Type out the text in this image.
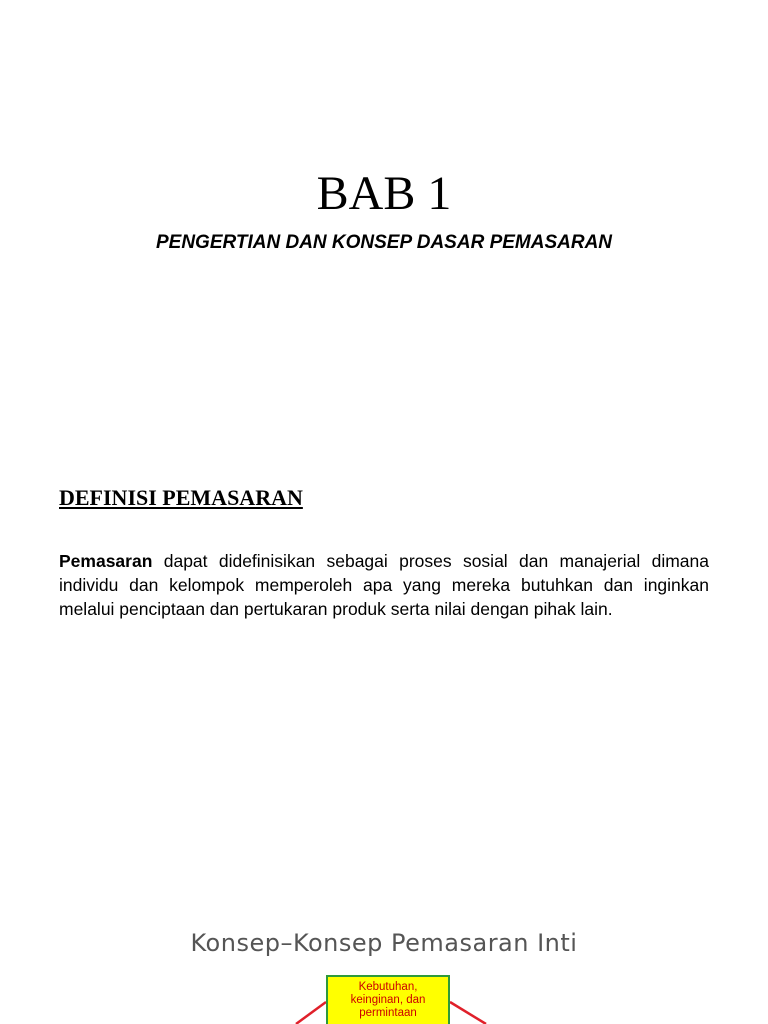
BAB 1
PENGERTIAN DAN KONSEP DASAR PEMASARAN
DEFINISI PEMASARAN

Pemasaran dapat didefinisikan sebagai proses sosial dan manajerial dimana individu dan kelompok memperoleh apa yang mereka butuhkan dan inginkan melalui penciptaan dan pertukaran produk serta nilai dengan pihak lain.

Konsep–Konsep Pemasaran Inti
Kebutuhan,
keinginan, dan
permintaan
